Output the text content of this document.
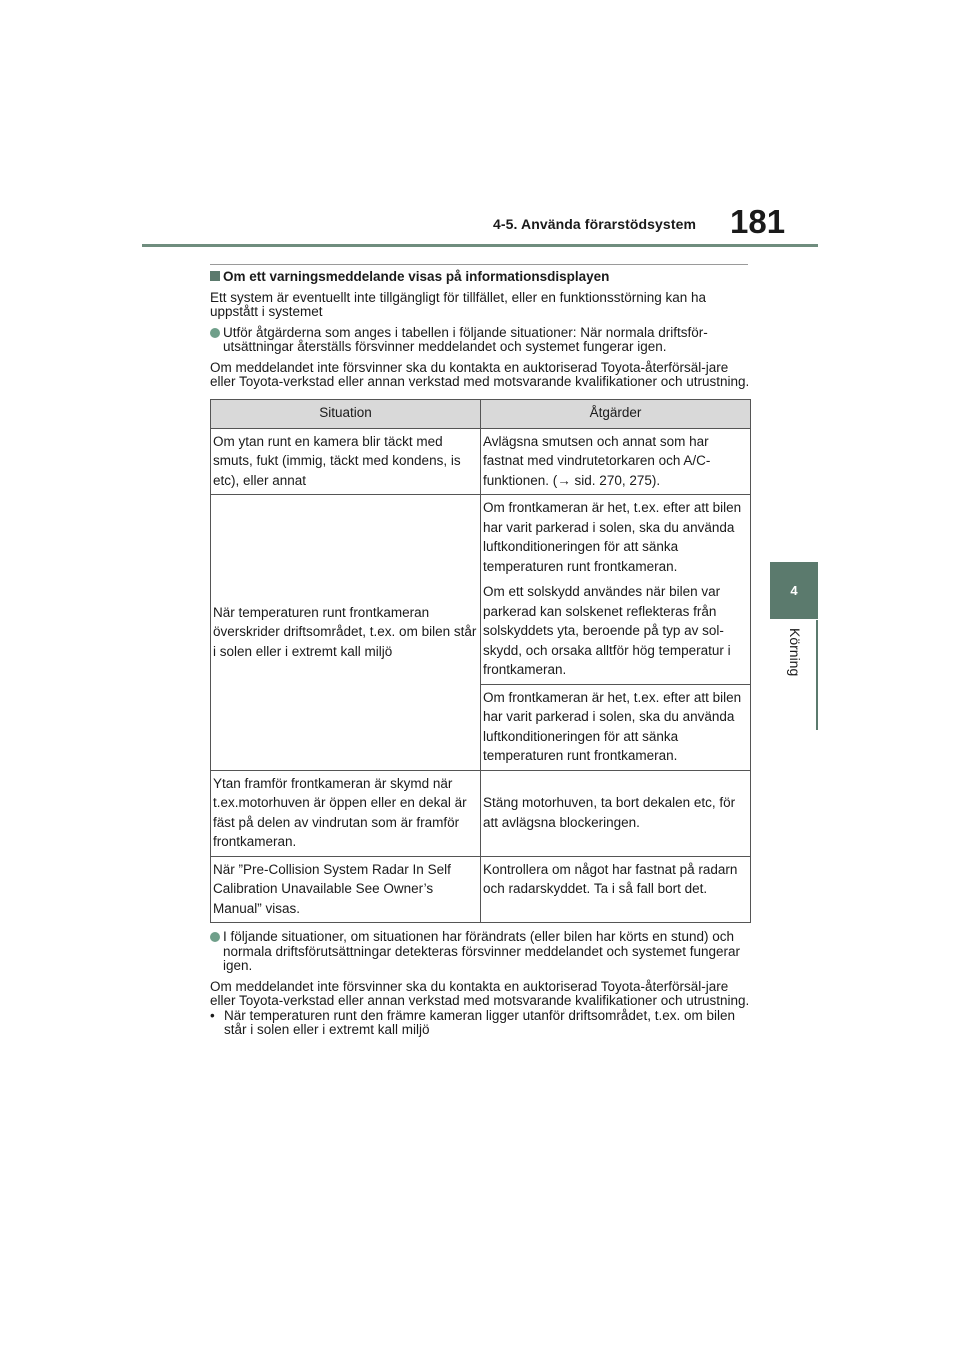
4-5. Använda förarstödsystem 181
4
Körning
Om ett varningsmeddelande visas på informationsdisplayen

Ett system är eventuellt inte tillgängligt för tillfället, eller en funktionsstörning kan ha uppstått i systemet

Utför åtgärderna som anges i tabellen i följande situationer: När normala driftsför-utsättningar återställs försvinner meddelandet och systemet fungerar igen.

Om meddelandet inte försvinner ska du kontakta en auktoriserad Toyota-återförsäl-jare eller Toyota-verkstad eller annan verkstad med motsvarande kvalifikationer och utrustning.

Situation	Åtgärder
Om ytan runt en kamera blir täckt med smuts, fukt (immig, täckt med kondens, is etc), eller annat	Avlägsna smutsen och annat som har fastnat med vindrutetorkaren och A/C-funktionen. (→ sid. 270, 275).
När temperaturen runt frontkameran överskrider driftsområdet, t.ex. om bilen står i solen eller i extremt kall miljö	Om frontkameran är het, t.ex. efter att bilen har varit parkerad i solen, ska du använda luftkonditioneringen för att sänka temperaturen runt frontkameran.
Om ett solskydd användes när bilen var parkerad kan solskenet reflekteras från solskyddets yta, beroende på typ av sol-skydd, och orsaka alltför hög temperatur i frontkameran.

	Om frontkameran är het, t.ex. efter att bilen har varit parkerad i solen, ska du använda luftkonditioneringen för att sänka temperaturen runt frontkameran.
Ytan framför frontkameran är skymd när t.ex.motorhuven är öppen eller en dekal är fäst på delen av vindrutan som är framför frontkameran.	Stäng motorhuven, ta bort dekalen etc, för att avlägsna blockeringen.
När ”Pre-Collision System Radar In Self Calibration Unavailable See Owner’s Manual” visas.	Kontrollera om något har fastnat på radarn och radarskyddet. Ta i så fall bort det.

I följande situationer, om situationen har förändrats (eller bilen har körts en stund) och normala driftsförutsättningar detekteras försvinner meddelandet och systemet fungerar igen.

Om meddelandet inte försvinner ska du kontakta en auktoriserad Toyota-återförsäl-jare eller Toyota-verkstad eller annan verkstad med motsvarande kvalifikationer och utrustning.

• När temperaturen runt den främre kameran ligger utanför driftsområdet, t.ex. om bilen står i solen eller i extremt kall miljö
